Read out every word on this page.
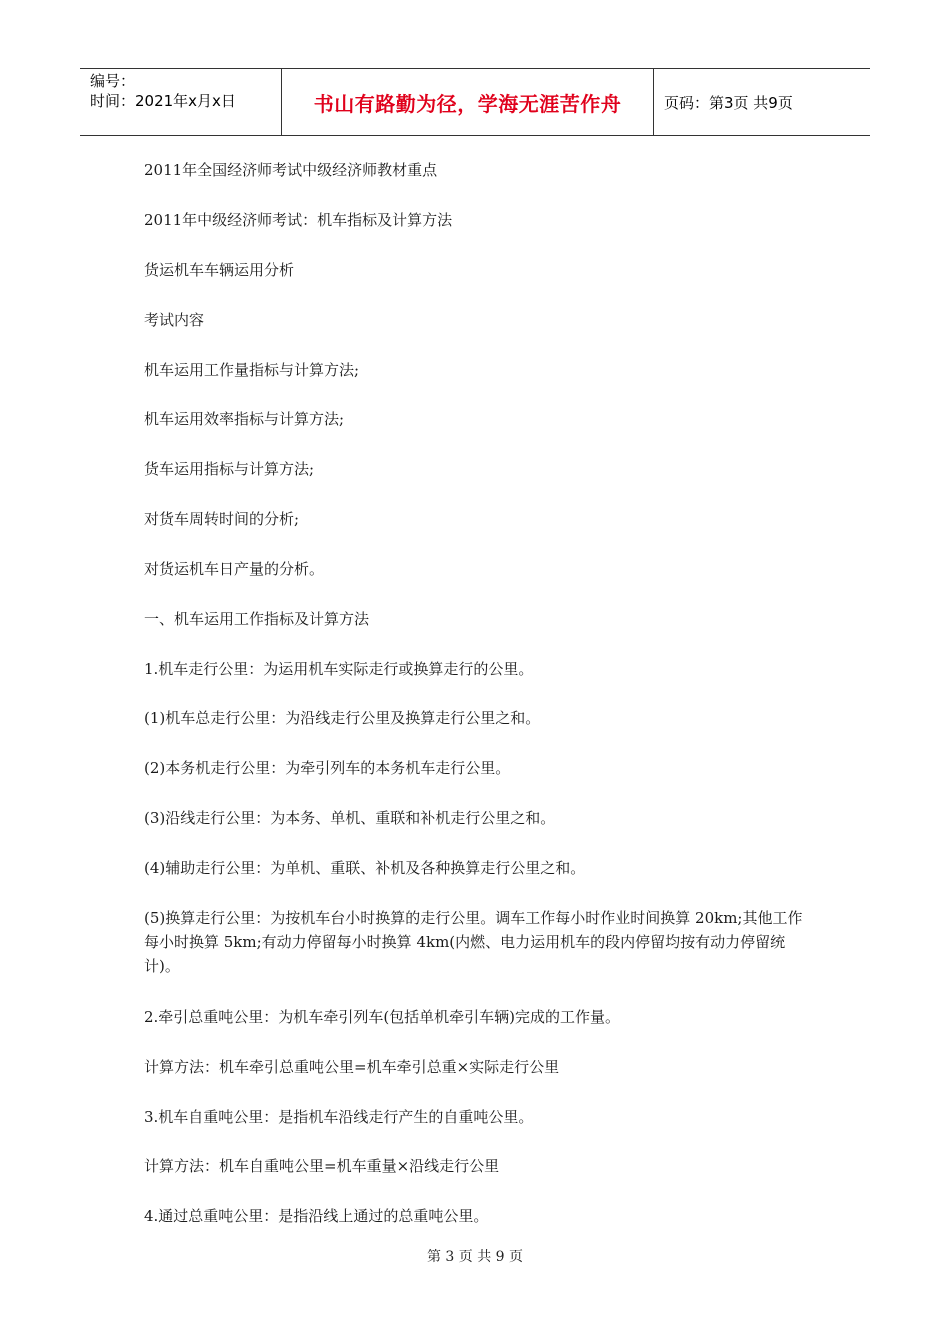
编号：
时间：2021年x月x日	书山有路勤为径，学海无涯苦作舟	页码：第3页 共9页

2011年全国经济师考试中级经济师教材重点

2011年中级经济师考试：机车指标及计算方法

货运机车车辆运用分析

考试内容

机车运用工作量指标与计算方法;

机车运用效率指标与计算方法;

货车运用指标与计算方法;

对货车周转时间的分析;

对货运机车日产量的分析。

一、机车运用工作指标及计算方法

1.机车走行公里：为运用机车实际走行或换算走行的公里。

(1)机车总走行公里：为沿线走行公里及换算走行公里之和。

(2)本务机走行公里：为牵引列车的本务机车走行公里。

(3)沿线走行公里：为本务、单机、重联和补机走行公里之和。

(4)辅助走行公里：为单机、重联、补机及各种换算走行公里之和。

(5)换算走行公里：为按机车台小时换算的走行公里。调车工作每小时作业时间换算 20km;其他工作每小时换算 5km;有动力停留每小时换算 4km(内燃、电力运用机车的段内停留均按有动力停留统计)。

2.牵引总重吨公里：为机车牵引列车(包括单机牵引车辆)完成的工作量。

计算方法：机车牵引总重吨公里=机车牵引总重×实际走行公里

3.机车自重吨公里：是指机车沿线走行产生的自重吨公里。

计算方法：机车自重吨公里=机车重量×沿线走行公里

4.通过总重吨公里：是指沿线上通过的总重吨公里。

第 3 页 共 9 页
